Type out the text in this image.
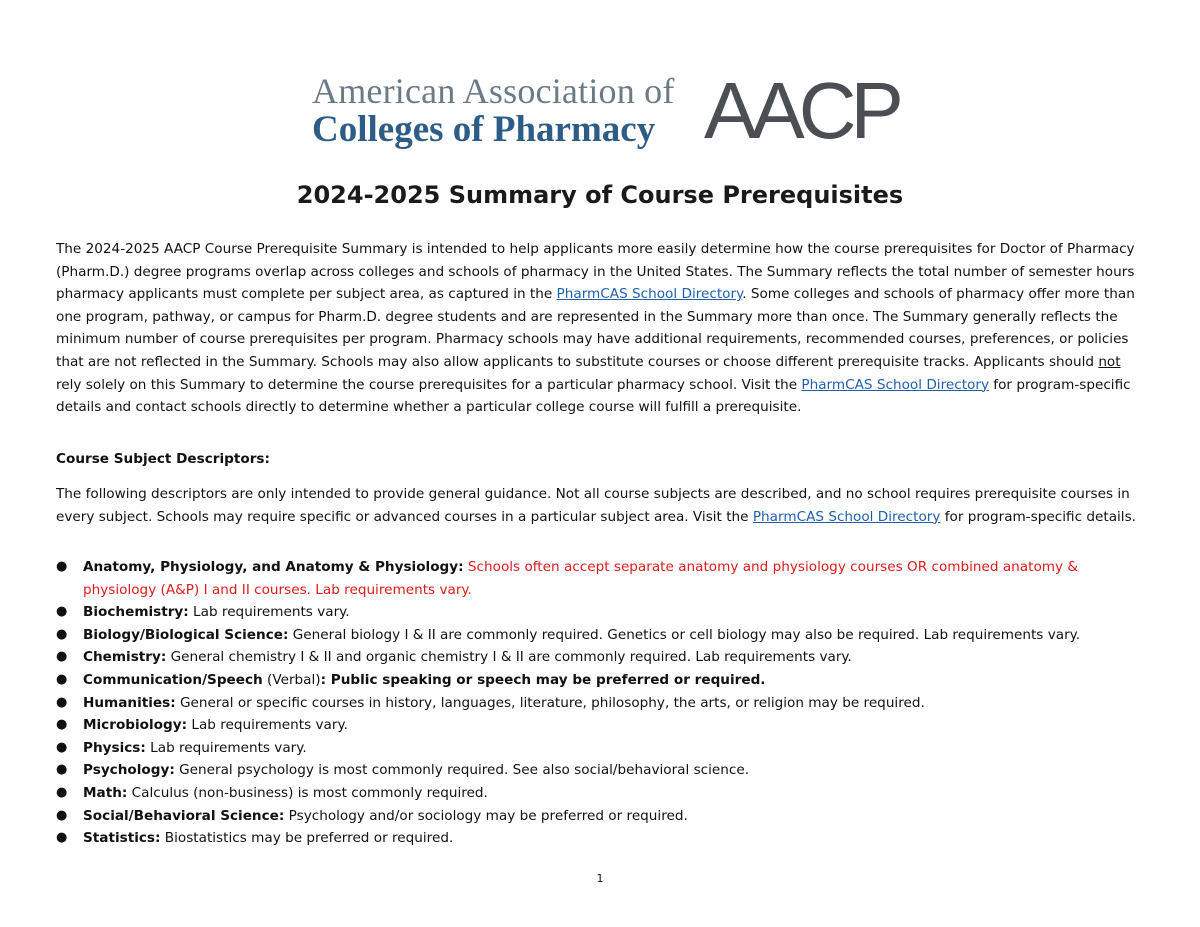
American Association of
Colleges of Pharmacy AACP
2024-2025 Summary of Course Prerequisites
The 2024-2025 AACP Course Prerequisite Summary is intended to help applicants more easily determine how the course prerequisites for Doctor of Pharmacy (Pharm.D.) degree programs overlap across colleges and schools of pharmacy in the United States. The Summary reflects the total number of semester hours pharmacy applicants must complete per subject area, as captured in the PharmCAS School Directory. Some colleges and schools of pharmacy offer more than one program, pathway, or campus for Pharm.D. degree students and are represented in the Summary more than once. The Summary generally reflects the minimum number of course prerequisites per program. Pharmacy schools may have additional requirements, recommended courses, preferences, or policies that are not reflected in the Summary. Schools may also allow applicants to substitute courses or choose different prerequisite tracks. Applicants should not rely solely on this Summary to determine the course prerequisites for a particular pharmacy school. Visit the PharmCAS School Directory for program-specific details and contact schools directly to determine whether a particular college course will fulfill a prerequisite.
Course Subject Descriptors:
The following descriptors are only intended to provide general guidance. Not all course subjects are described, and no school requires prerequisite courses in every subject. Schools may require specific or advanced courses in a particular subject area. Visit the PharmCAS School Directory for program-specific details.
● Anatomy, Physiology, and Anatomy & Physiology: Schools often accept separate anatomy and physiology courses OR combined anatomy & physiology (A&P) I and II courses. Lab requirements vary.
● Biochemistry: Lab requirements vary.
● Biology/Biological Science: General biology I & II are commonly required. Genetics or cell biology may also be required. Lab requirements vary.
● Chemistry: General chemistry I & II and organic chemistry I & II are commonly required. Lab requirements vary.
● Communication/Speech (Verbal): Public speaking or speech may be preferred or required.
● Humanities: General or specific courses in history, languages, literature, philosophy, the arts, or religion may be required.
● Microbiology: Lab requirements vary.
● Physics: Lab requirements vary.
● Psychology: General psychology is most commonly required. See also social/behavioral science.
● Math: Calculus (non-business) is most commonly required.
● Social/Behavioral Science: Psychology and/or sociology may be preferred or required.
● Statistics: Biostatistics may be preferred or required.
1
